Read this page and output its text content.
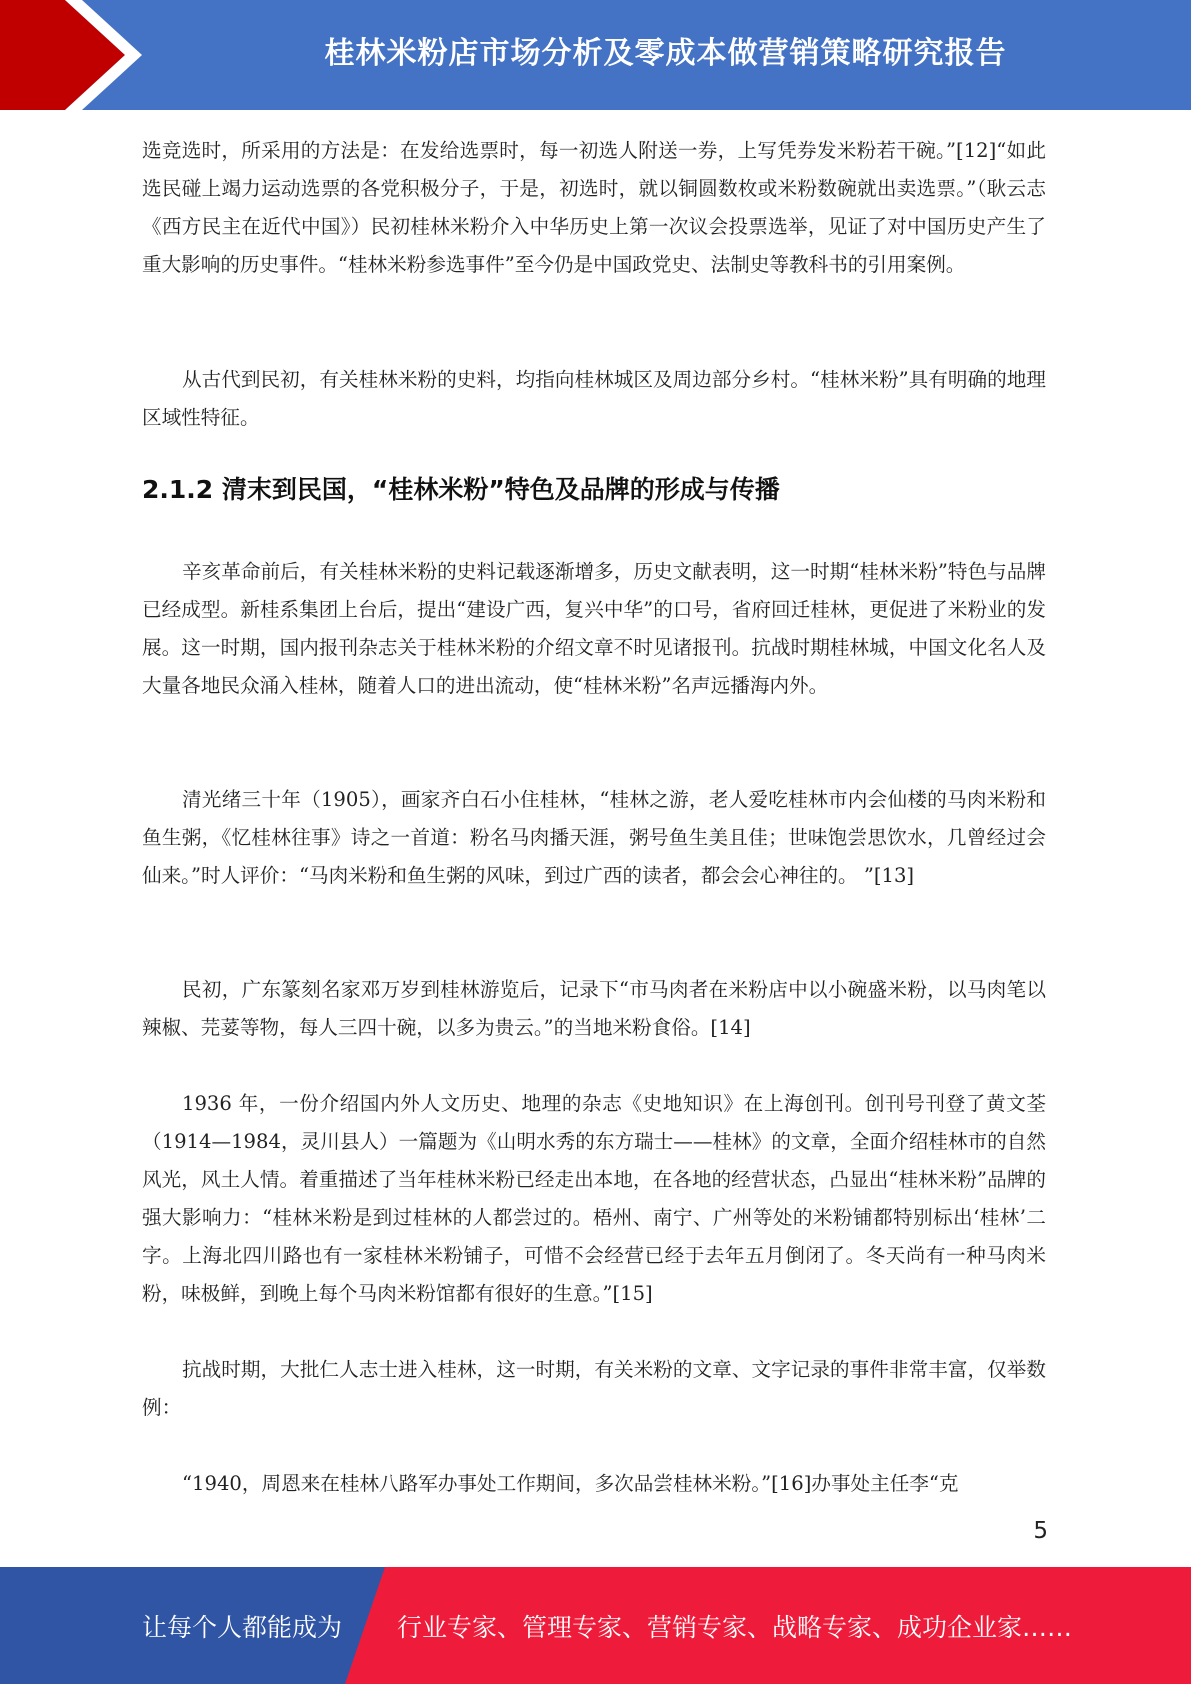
桂林米粉店市场分析及零成本做营销策略研究报告

选竞选时，所采用的方法是：在发给选票时，每一初选人附送一券，上写凭券发米粉若干碗。”[12]“如此选民碰上竭力运动选票的各党积极分子，于是，初选时，就以铜圆数枚或米粉数碗就出卖选票。”（耿云志《西方民主在近代中国》）民初桂林米粉介入中华历史上第一次议会投票选举，见证了对中国历史产生了重大影响的历史事件。“桂林米粉参选事件”至今仍是中国政党史、法制史等教科书的引用案例。

从古代到民初，有关桂林米粉的史料，均指向桂林城区及周边部分乡村。“桂林米粉”具有明确的地理区域性特征。

2.1.2 清末到民国，“桂林米粉”特色及品牌的形成与传播

辛亥革命前后，有关桂林米粉的史料记载逐渐增多，历史文献表明，这一时期“桂林米粉”特色与品牌已经成型。新桂系集团上台后，提出“建设广西，复兴中华”的口号，省府回迁桂林，更促进了米粉业的发展。这一时期，国内报刊杂志关于桂林米粉的介绍文章不时见诸报刊。抗战时期桂林城，中国文化名人及大量各地民众涌入桂林，随着人口的进出流动，使“桂林米粉”名声远播海内外。

清光绪三十年（1905），画家齐白石小住桂林，“桂林之游，老人爱吃桂林市内会仙楼的马肉米粉和鱼生粥，《忆桂林往事》诗之一首道：粉名马肉播天涯，粥号鱼生美且佳；世味饱尝思饮水，几曾经过会仙来。”时人评价：“马肉米粉和鱼生粥的风味，到过广西的读者，都会会心神往的。 ”[13]

民初，广东篆刻名家邓万岁到桂林游览后，记录下“市马肉者在米粉店中以小碗盛米粉，以马肉笔以辣椒、芫荽等物，每人三四十碗，以多为贵云。”的当地米粉食俗。[14]

1936 年，一份介绍国内外人文历史、地理的杂志《史地知识》在上海创刊。创刊号刊登了黄文荃（1914—1984，灵川县人）一篇题为《山明水秀的东方瑞士——桂林》的文章，全面介绍桂林市的自然风光，风土人情。着重描述了当年桂林米粉已经走出本地，在各地的经营状态，凸显出“桂林米粉”品牌的强大影响力：“桂林米粉是到过桂林的人都尝过的。梧州、南宁、广州等处的米粉铺都特别标出‘桂林’二字。上海北四川路也有一家桂林米粉铺子，可惜不会经营已经于去年五月倒闭了。冬天尚有一种马肉米粉，味极鲜，到晚上每个马肉米粉馆都有很好的生意。”[15]

抗战时期，大批仁人志士进入桂林，这一时期，有关米粉的文章、文字记录的事件非常丰富，仅举数例：

“1940，周恩来在桂林八路军办事处工作期间，多次品尝桂林米粉。”[16]办事处主任李“克

5
让每个人都能成为 行业专家、管理专家、营销专家、战略专家、成功企业家……
